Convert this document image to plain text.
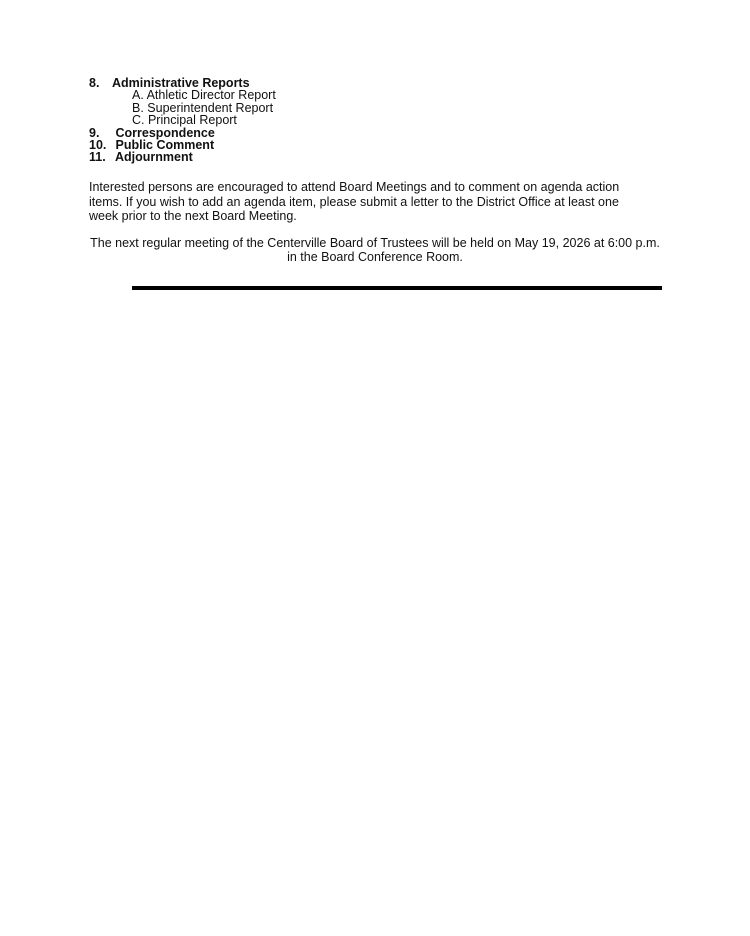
8. Administrative Reports
A. Athletic Director Report
B. Superintendent Report
C. Principal Report
9. Correspondence
10. Public Comment
11. Adjournment

Interested persons are encouraged to attend Board Meetings and to comment on agenda action items. If you wish to add an agenda item, please submit a letter to the District Office at least one week prior to the next Board Meeting.

The next regular meeting of the Centerville Board of Trustees will be held on May 19, 2026 at 6:00 p.m. in the Board Conference Room.
